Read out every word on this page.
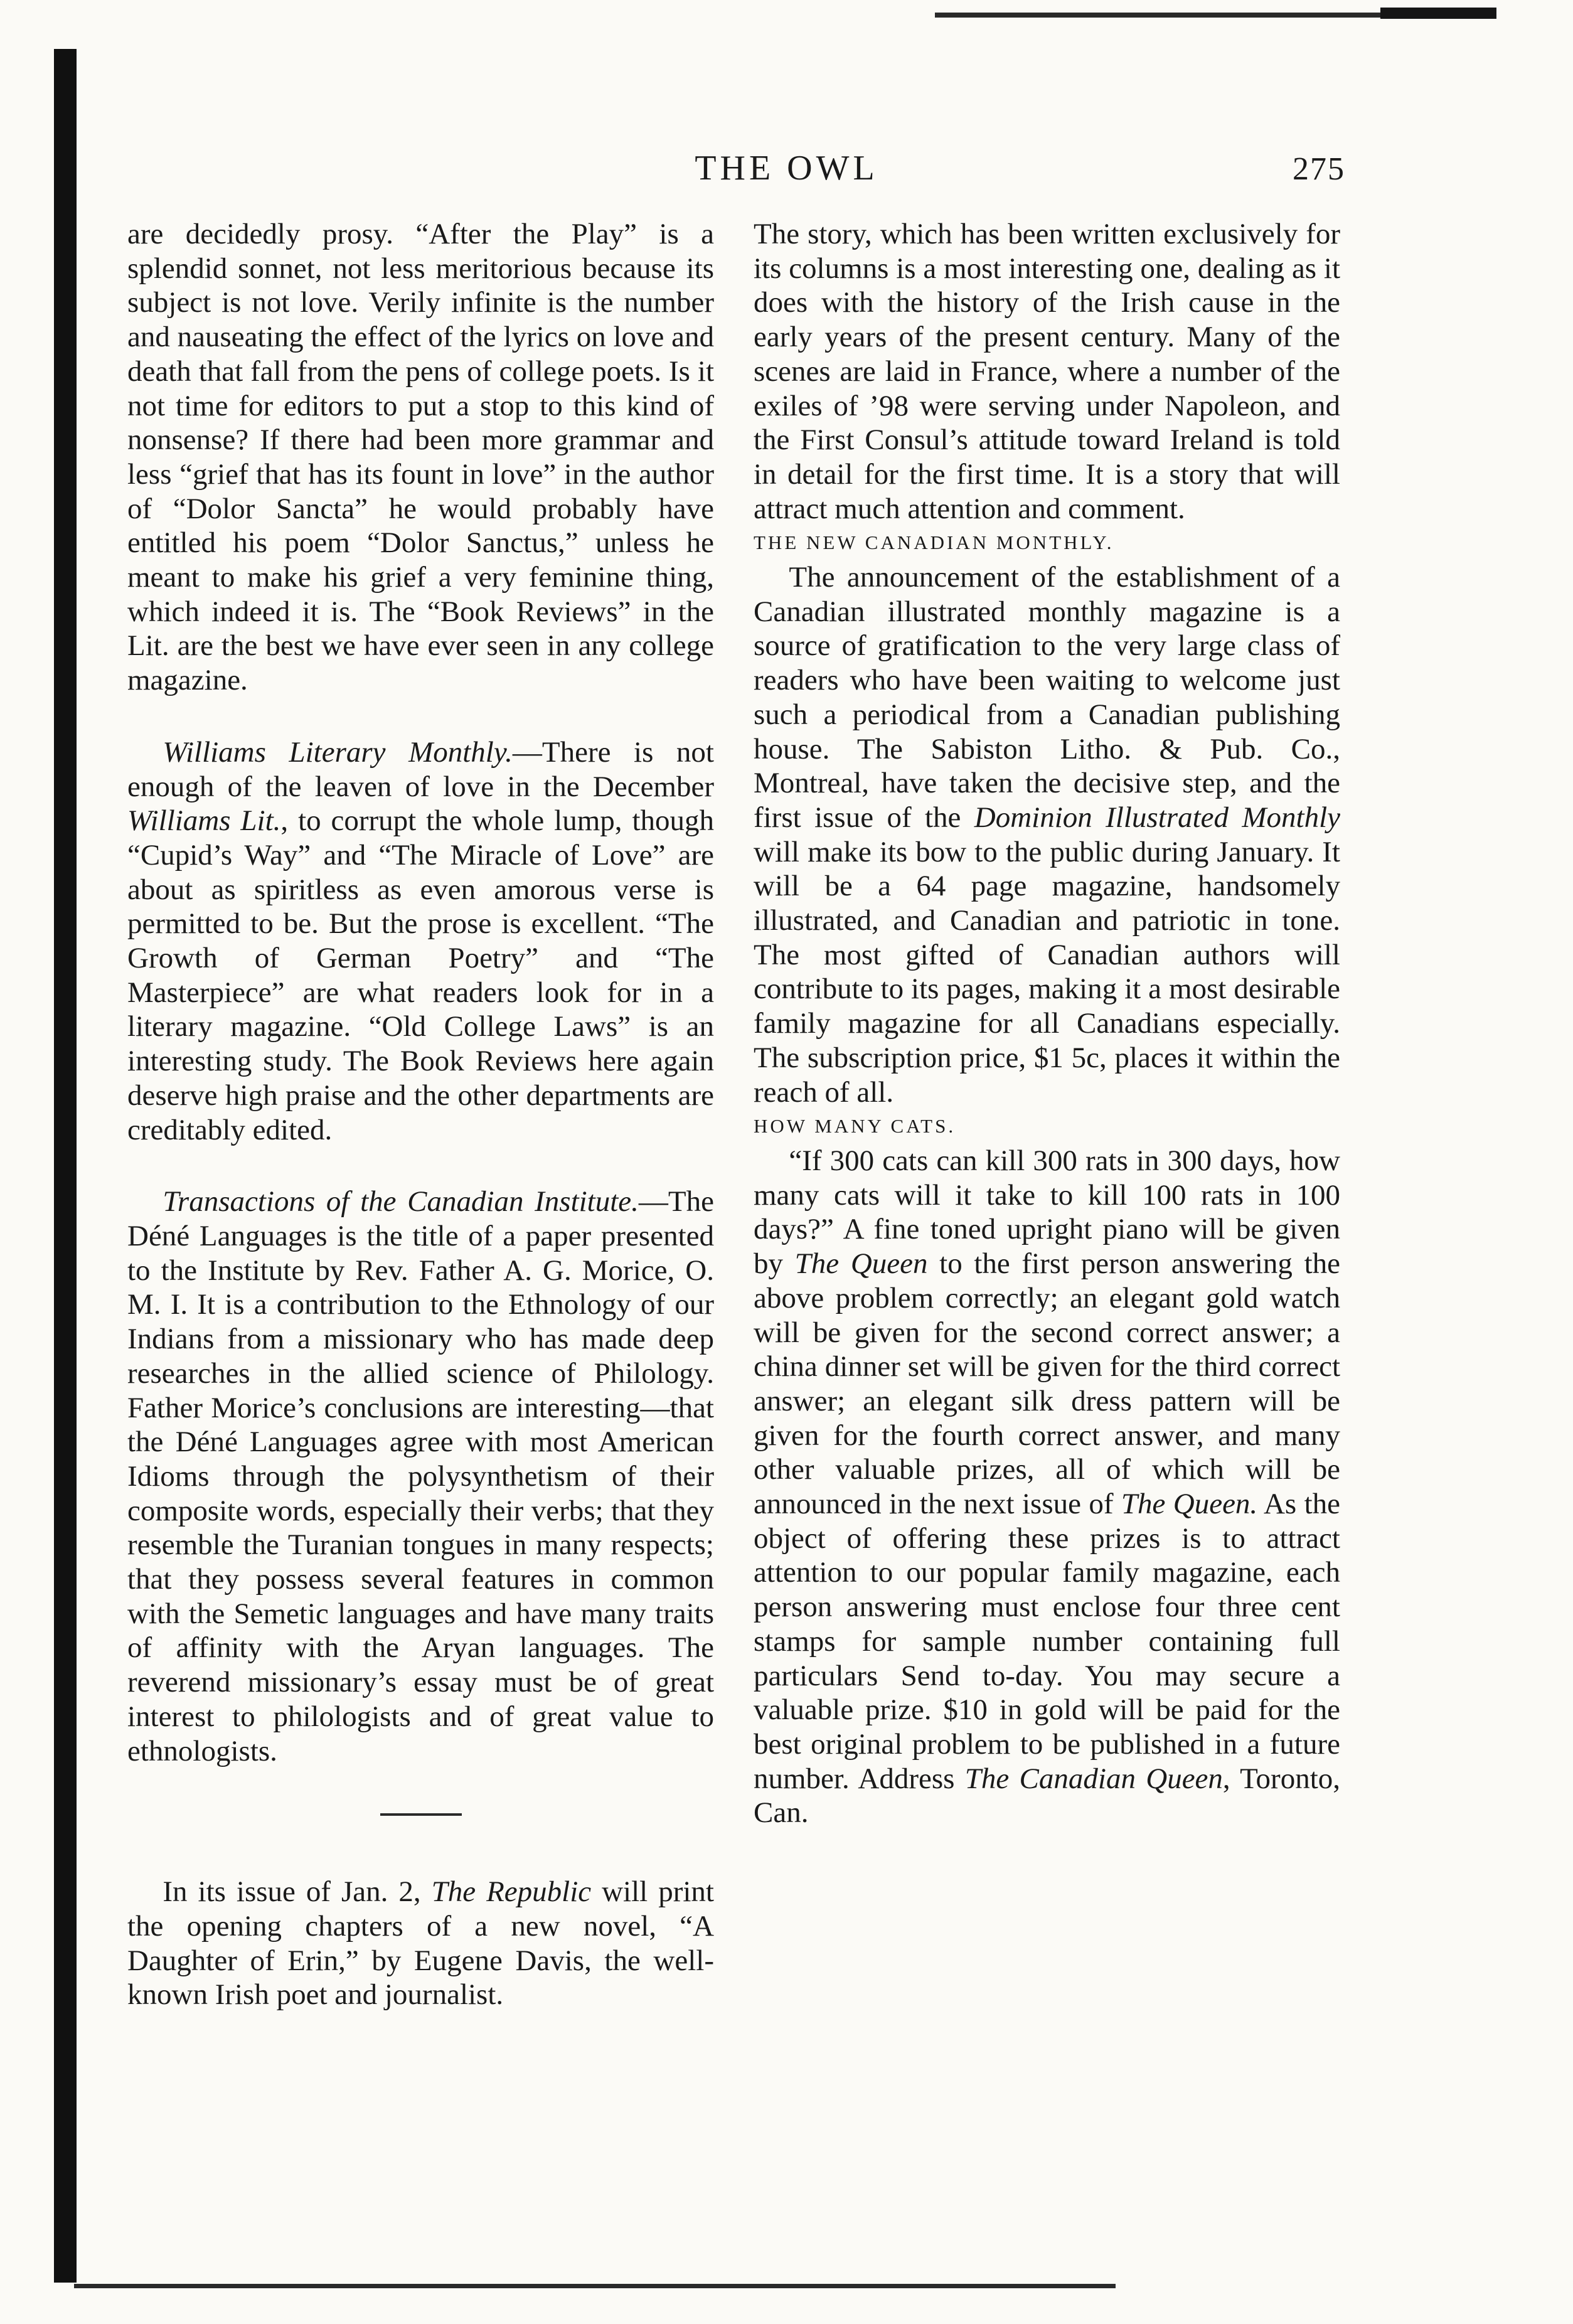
THE OWL	275

are decidedly prosy. “After the Play” is a splendid sonnet, not less meritorious because its subject is not love. Verily infinite is the number and nauseating the effect of the lyrics on love and death that fall from the pens of college poets. Is it not time for editors to put a stop to this kind of nonsense? If there had been more grammar and less “grief that has its fount in love” in the author of “Dolor Sancta” he would probably have entitled his poem “Dolor Sanctus,” unless he meant to make his grief a very feminine thing, which indeed it is. The “Book Reviews” in the Lit. are the best we have ever seen in any college magazine.

Williams Literary Monthly.—There is not enough of the leaven of love in the December Williams Lit., to corrupt the whole lump, though “Cupid’s Way” and “The Miracle of Love” are about as spiritless as even amorous verse is permitted to be. But the prose is excellent. “The Growth of German Poetry” and “The Masterpiece” are what readers look for in a literary magazine. “Old College Laws” is an interesting study. The Book Reviews here again deserve high praise and the other departments are creditably edited.

Transactions of the Canadian Institute.—The Déné Languages is the title of a paper presented to the Institute by Rev. Father A. G. Morice, O. M. I. It is a contribution to the Ethnology of our Indians from a missionary who has made deep researches in the allied science of Philology. Father Morice’s conclusions are interesting—that the Déné Languages agree with most American Idioms through the polysynthetism of their composite words, especially their verbs; that they resemble the Turanian tongues in many respects; that they possess several features in common with the Semetic languages and have many traits of affinity with the Aryan languages. The reverend missionary’s essay must be of great interest to philologists and of great value to ethnologists.

In its issue of Jan. 2, The Republic will print the opening chapters of a new novel, “A Daughter of Erin,” by Eugene Davis, the well-known Irish poet and journalist.

The story, which has been written exclusively for its columns is a most interesting one, dealing as it does with the history of the Irish cause in the early years of the present century. Many of the scenes are laid in France, where a number of the exiles of ’98 were serving under Napoleon, and the First Consul’s attitude toward Ireland is told in detail for the first time. It is a story that will attract much attention and comment.

THE NEW CANADIAN MONTHLY.

The announcement of the establishment of a Canadian illustrated monthly magazine is a source of gratification to the very large class of readers who have been waiting to welcome just such a periodical from a Canadian publishing house. The Sabiston Litho. & Pub. Co., Montreal, have taken the decisive step, and the first issue of the Dominion Illustrated Monthly will make its bow to the public during January. It will be a 64 page magazine, handsomely illustrated, and Canadian and patriotic in tone. The most gifted of Canadian authors will contribute to its pages, making it a most desirable family magazine for all Canadians especially. The subscription price, $1 5c, places it within the reach of all.

HOW MANY CATS.

“If 300 cats can kill 300 rats in 300 days, how many cats will it take to kill 100 rats in 100 days?” A fine toned upright piano will be given by The Queen to the first person answering the above problem correctly; an elegant gold watch will be given for the second correct answer; a china dinner set will be given for the third correct answer; an elegant silk dress pattern will be given for the fourth correct answer, and many other valuable prizes, all of which will be announced in the next issue of The Queen. As the object of offering these prizes is to attract attention to our popular family magazine, each person answering must enclose four three cent stamps for sample number containing full particulars Send to-day. You may secure a valuable prize. $10 in gold will be paid for the best original problem to be published in a future number. Address The Canadian Queen, Toronto, Can.
